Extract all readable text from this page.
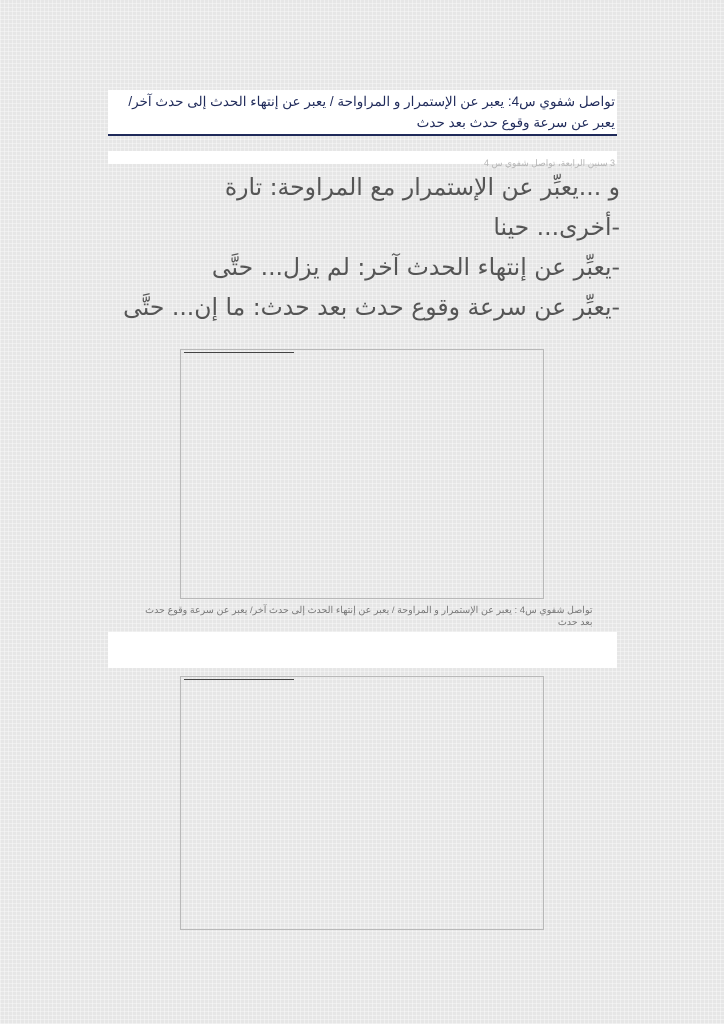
تواصل شفوي س4: يعبر عن الإستمرار و المراواحة / يعبر عن إنتهاء الحدث إلى حدث آخر/ يعبر عن سرعة وقوع حدث بعد حدث
3 سنين الرابعة، تواصل شفوي س 4
و ...يعبِّر عن الإستمرار مع المراوحة: تارة
-أخرى... حينا
-يعبِّر عن إنتهاء الحدث آخر: لم يزل... حتَّى
-يعبِّر عن سرعة وقوع حدث بعد حدث: ما إن... حتَّى
تواصل شفوي س4 : يعبر عن الإستمرار و المراوحة / يعبر عن إنتهاء الحدث إلى حدث آخر/ يعبر عن سرعة وقوع حدث بعد حدث
